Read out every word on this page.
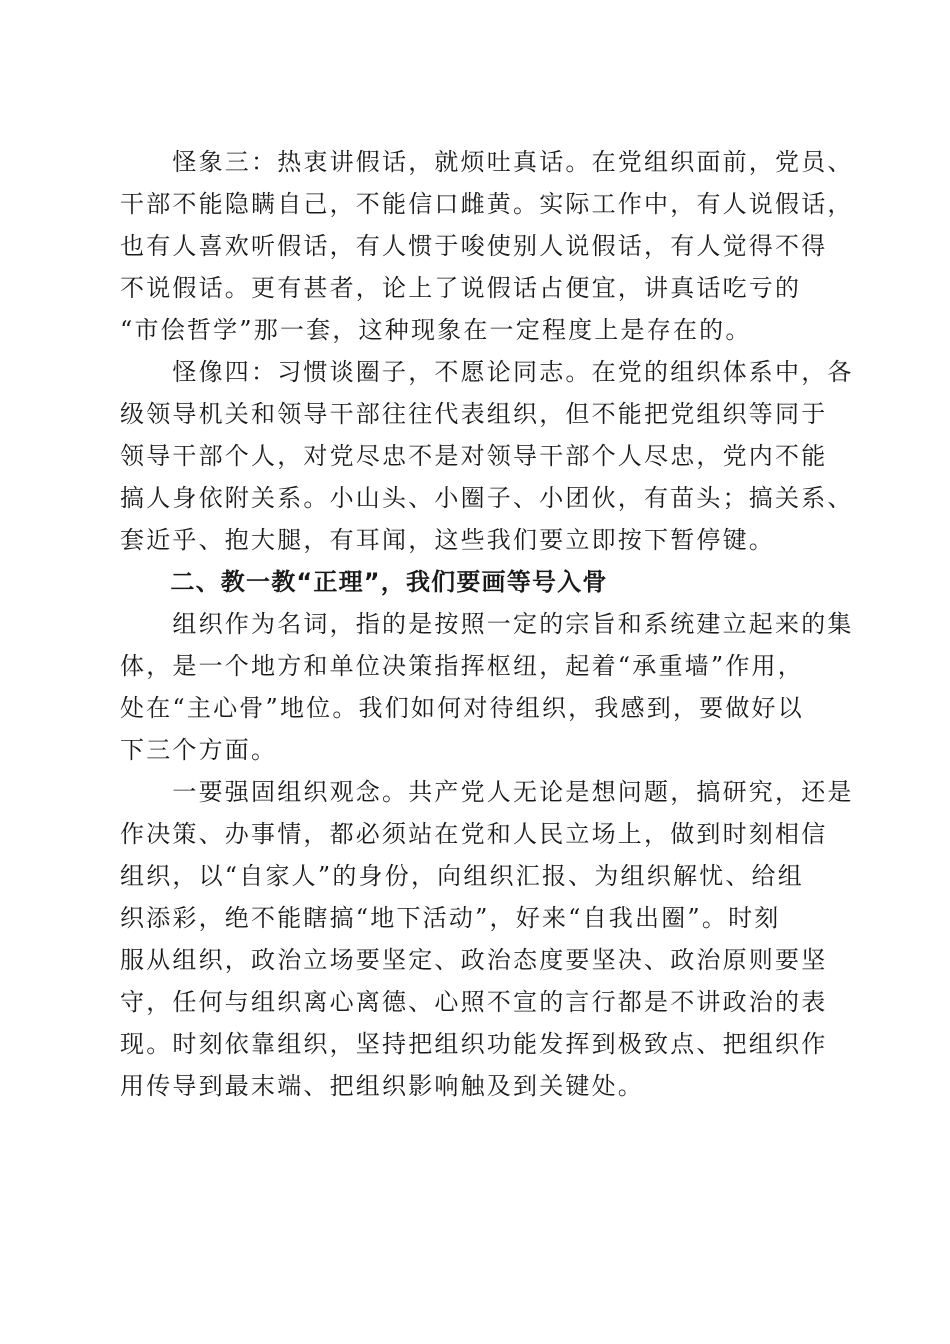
　　怪象三：热衷讲假话，就烦吐真话。在党组织面前，党员、
干部不能隐瞒自己，不能信口雌黄。实际工作中，有人说假话，
也有人喜欢听假话，有人惯于唆使别人说假话，有人觉得不得
不说假话。更有甚者，论上了说假话占便宜，讲真话吃亏的
“市侩哲学”那一套，这种现象在一定程度上是存在的。

　　怪像四：习惯谈圈子，不愿论同志。在党的组织体系中，各
级领导机关和领导干部往往代表组织，但不能把党组织等同于
领导干部个人，对党尽忠不是对领导干部个人尽忠，党内不能
搞人身依附关系。小山头、小圈子、小团伙，有苗头；搞关系、
套近乎、抱大腿，有耳闻，这些我们要立即按下暂停键。

　　二、教一教“正理”，我们要画等号入骨

　　组织作为名词，指的是按照一定的宗旨和系统建立起来的集
体，是一个地方和单位决策指挥枢纽，起着“承重墙”作用，
处在“主心骨”地位。我们如何对待组织，我感到，要做好以
下三个方面。

　　一要强固组织观念。共产党人无论是想问题，搞研究，还是
作决策、办事情，都必须站在党和人民立场上，做到时刻相信
组织，以“自家人”的身份，向组织汇报、为组织解忧、给组
织添彩，绝不能瞎搞“地下活动”，好来“自我出圈”。时刻
服从组织，政治立场要坚定、政治态度要坚决、政治原则要坚
守，任何与组织离心离德、心照不宣的言行都是不讲政治的表
现。时刻依靠组织，坚持把组织功能发挥到极致点、把组织作
用传导到最末端、把组织影响触及到关键处。
